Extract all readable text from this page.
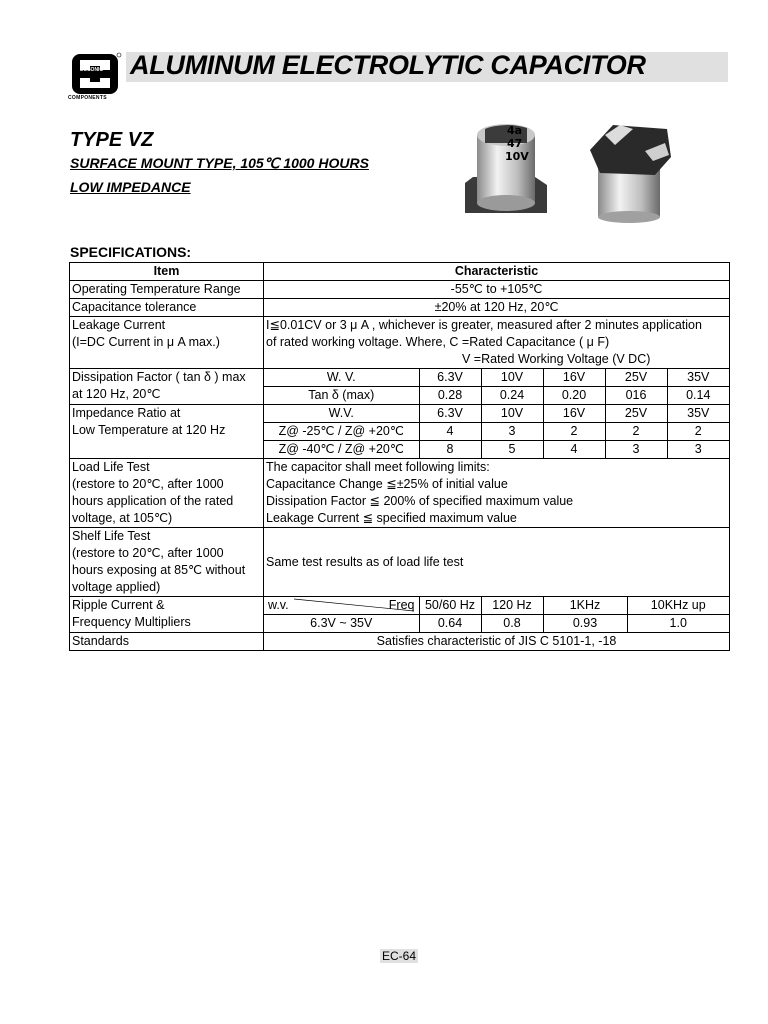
EOSONIC
COMPONENTS
ALUMINUM ELECTROLYTIC CAPACITOR
TYPE VZ
SURFACE MOUNT TYPE, 105℃ 1000 HOURS
LOW IMPEDANCE
4a
47
10V
SPECIFICATIONS:
Item	Characteristic
Operating Temperature Range	-55℃ to +105℃
Capacitance tolerance	±20% at 120 Hz, 20℃

Leakage Current
(I=DC Current in μ A max.)

I≦0.01CV or 3 μ A , whichever is greater, measured after 2 minutes application
of rated working voltage. Where, C =Rated Capacitance ( μ F)
V =Rated Working Voltage (V DC)

Dissipation Factor ( tan δ ) max
at 120 Hz, 20℃

W. V.	6.3V	10V	16V	25V	35V
Tan δ (max)	0.28	0.24	0.20	016	0.14

Impedance Ratio at
Low Temperature at 120 Hz

W.V.	6.3V	10V	16V	25V	35V
Z@ -25℃ / Z@ +20℃	4	3	2	2	2
Z@ -40℃ / Z@ +20℃	8	5	4	3	3

Load Life Test
(restore to 20℃, after 1000
hours application of the rated
voltage, at 105℃)

The capacitor shall meet following limits:
Capacitance Change ≦±25% of initial value
Dissipation Factor ≦ 200% of specified maximum value
Leakage Current ≦ specified maximum value

Shelf Life Test
(restore to 20℃, after 1000
hours exposing at 85℃ without
voltage applied)
	Same test results as of load life test

Ripple Current &
Frequency Multipliers

w.v.	Freq	50/60 Hz	120 Hz	1KHz	10KHz up
6.3V ~ 35V	0.64	0.8	0.93	1.0

Standards	Satisfies characteristic of JIS C 5101-1, -18
EC-64
